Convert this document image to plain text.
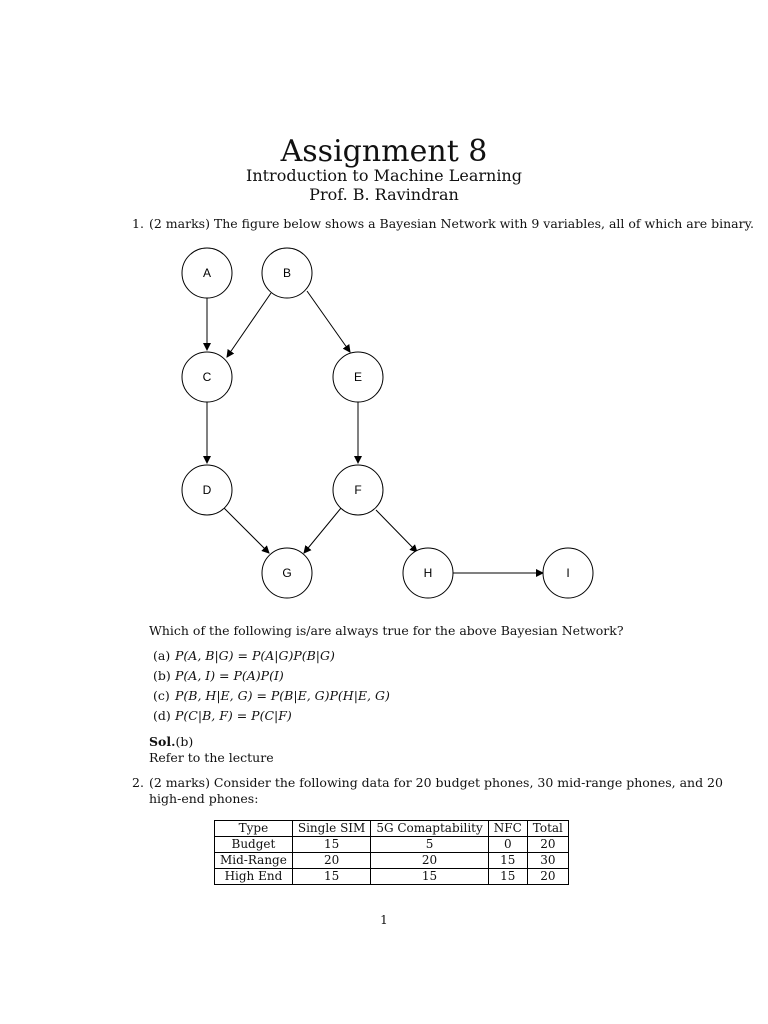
Assignment 8
Introduction to Machine Learning
Prof. B. Ravindran
1. (2 marks) The figure below shows a Bayesian Network with 9 variables, all of which are binary.
A	B
C
D
E
F
G	H	I
Which of the following is/are always true for the above Bayesian Network?
(a) P(A, B|G) = P(A|G)P(B|G)
(b) P(A, I) = P(A)P(I)
(c) P(B, H|E, G) = P(B|E, G)P(H|E, G)
(d) P(C|B, F) = P(C|F)
Sol.(b)
Refer to the lecture
2. (2 marks) Consider the following data for 20 budget phones, 30 mid-range phones, and 20
high-end phones:
Type	Single SIM	5G Comaptability	NFC	Total
Budget	15	5	0	20
Mid-Range	20	20	15	30
High End	15	15	15	20
1
